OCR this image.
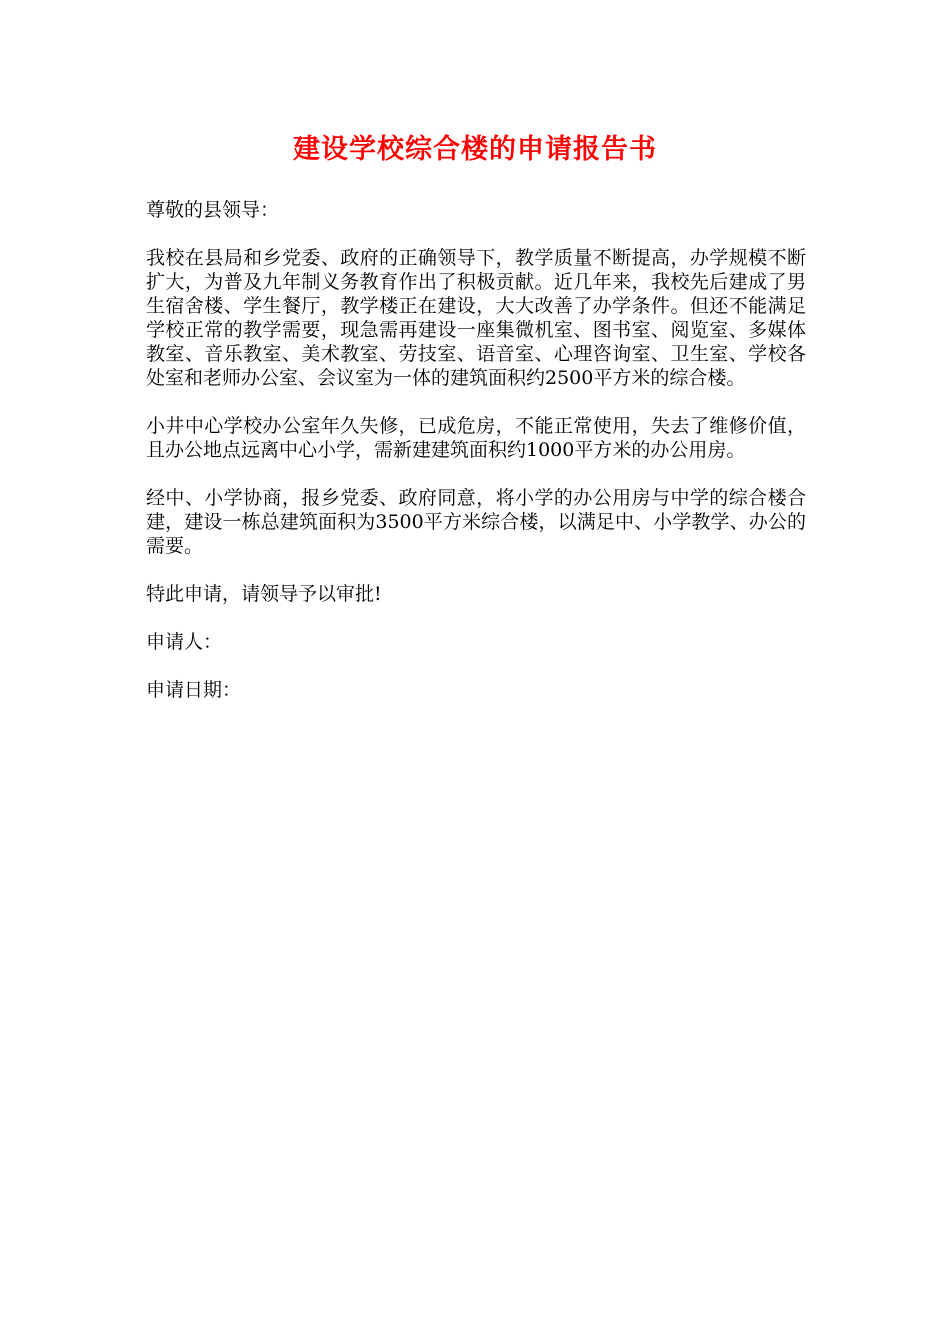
建设学校综合楼的申请报告书

尊敬的县领导：

我校在县局和乡党委、政府的正确领导下，教学质量不断提高，办学规模不断扩大，为普及九年制义务教育作出了积极贡献。近几年来，我校先后建成了男生宿舍楼、学生餐厅，教学楼正在建设，大大改善了办学条件。但还不能满足学校正常的教学需要，现急需再建设一座集微机室、图书室、阅览室、多媒体教室、音乐教室、美术教室、劳技室、语音室、心理咨询室、卫生室、学校各处室和老师办公室、会议室为一体的建筑面积约2500平方米的综合楼。

小井中心学校办公室年久失修，已成危房，不能正常使用，失去了维修价值，且办公地点远离中心小学，需新建建筑面积约1000平方米的办公用房。

经中、小学协商，报乡党委、政府同意，将小学的办公用房与中学的综合楼合建，建设一栋总建筑面积为3500平方米综合楼，以满足中、小学教学、办公的需要。

特此申请，请领导予以审批!

申请人：

申请日期：
